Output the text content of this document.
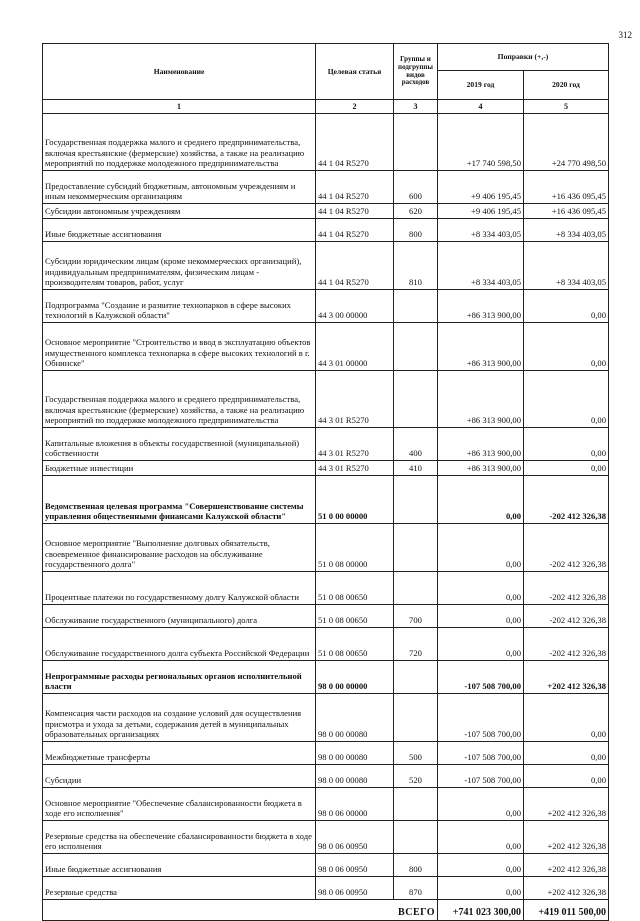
312
Наименование	Целевая статья	Группы и подгруппы видов расходов	Поправки (+,-)	
			2019 год	2020 год
1	2	3	4	5
Государственная поддержка малого и среднего предпринимательства, включая крестьянские (фермерские) хозяйства, а также на реализацию мероприятий по поддержке молодежного предпринимательства	44 1 04 R5270		+17 740 598,50	+24 770 498,50
Предоставление субсидий бюджетным, автономным учреждениям и иным некоммерческим организациям	44 1 04 R5270	600	+9 406 195,45	+16 436 095,45
Субсидии автономным учреждениям	44 1 04 R5270	620	+9 406 195,45	+16 436 095,45
Иные бюджетные ассигнования	44 1 04 R5270	800	+8 334 403,05	+8 334 403,05
Субсидии юридическим лицам (кроме некоммерческих организаций), индивидуальным предпринимателям, физическим лицам - производителям товаров, работ, услуг	44 1 04 R5270	810	+8 334 403,05	+8 334 403,05
Подпрограмма "Создание и развитие технопарков в сфере высоких технологий в Калужской области"	44 3 00 00000		+86 313 900,00	0,00
Основное мероприятие "Строительство и ввод в эксплуатацию объектов имущественного комплекса технопарка в сфере высоких технологий в г. Обнинске"	44 3 01 00000		+86 313 900,00	0,00
Государственная поддержка малого и среднего предпринимательства, включая крестьянские (фермерские) хозяйства, а также на реализацию мероприятий по поддержке молодежного предпринимательства	44 3 01 R5270		+86 313 900,00	0,00
Капитальные вложения в объекты государственной (муниципальной) собственности	44 3 01 R5270	400	+86 313 900,00	0,00
Бюджетные инвестиции	44 3 01 R5270	410	+86 313 900,00	0,00
Ведомственная целевая программа "Совершенствование системы управления общественными финансами Калужской области"	51 0 00 00000		0,00	-202 412 326,38
Основное мероприятие "Выполнение долговых обязательств, своевременное финансирование расходов на обслуживание государственного долга"	51 0 08 00000		0,00	-202 412 326,38
Процентные платежи по государственному долгу Калужской области	51 0 08 00650		0,00	-202 412 326,38
Обслуживание государственного (муниципального) долга	51 0 08 00650	700	0,00	-202 412 326,38
Обслуживание государственного долга субъекта Российской Федерации	51 0 08 00650	720	0,00	-202 412 326,38
Непрограммные расходы региональных органов исполнительной власти	98 0 00 00000		-107 508 700,00	+202 412 326,38
Компенсация части расходов на создание условий для осуществления присмотра и ухода за детьми, содержания детей в муниципальных образовательных организациях	98 0 00 00080		-107 508 700,00	0,00
Межбюджетные трансферты	98 0 00 00080	500	-107 508 700,00	0,00
Субсидии	98 0 00 00080	520	-107 508 700,00	0,00
Основное мероприятие "Обеспечение сбалансированности бюджета в ходе его исполнения"	98 0 06 00000		0,00	+202 412 326,38
Резервные средства на обеспечение сбалансированности бюджета в ходе его исполнения	98 0 06 00950		0,00	+202 412 326,38
Иные бюджетные ассигнования	98 0 06 00950	800	0,00	+202 412 326,38
Резервные средства	98 0 06 00950	870	0,00	+202 412 326,38
ВСЕГО			+741 023 300,00	+419 011 500,00
